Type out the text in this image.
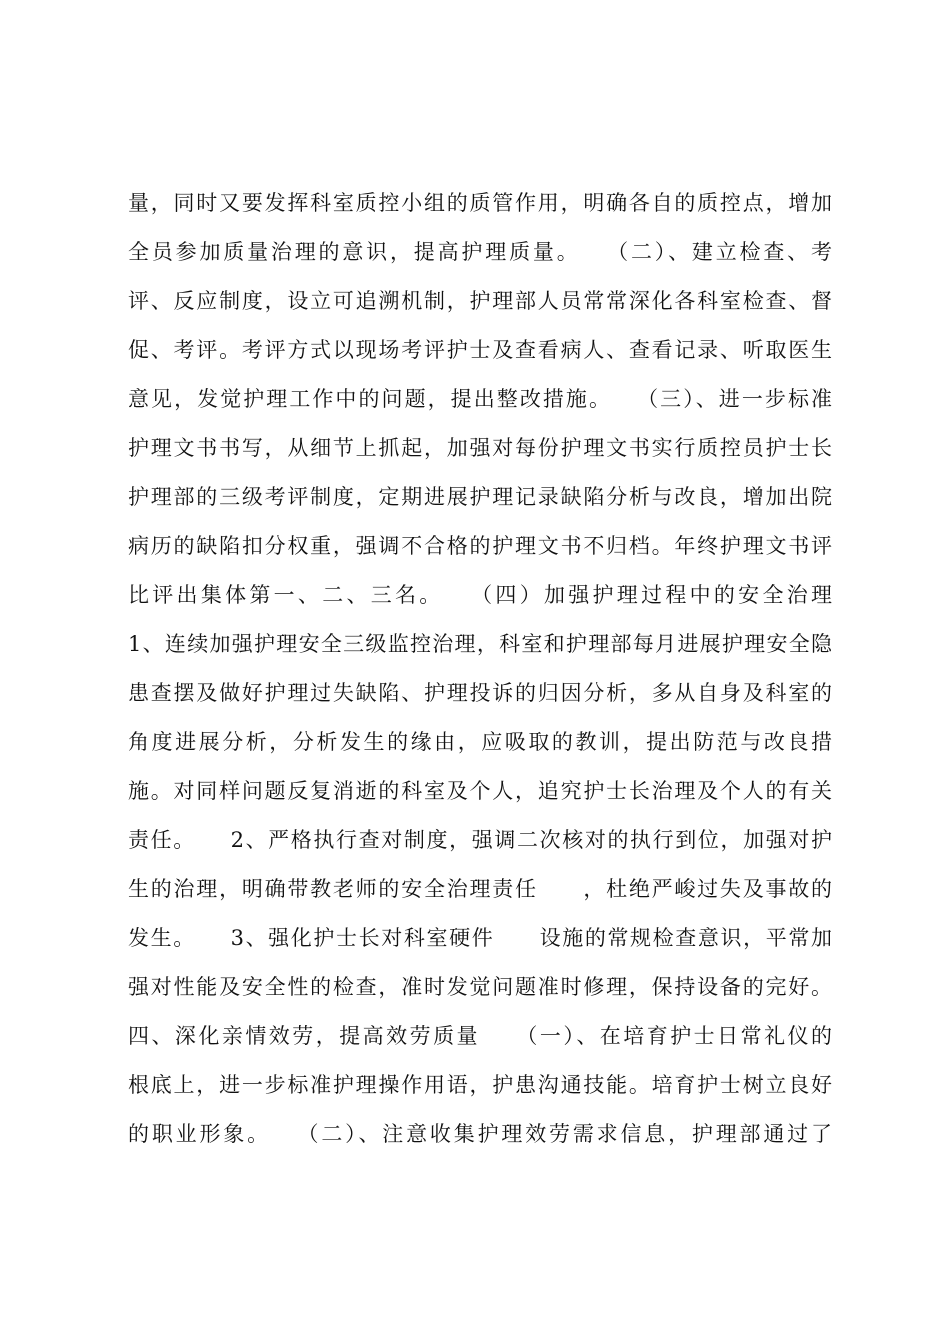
量，同时又要发挥科室质控小组的质管作用，明确各自的质控点，增加
全员参加质量治理的意识，提高护理质量。　　（二）、建立检查、考
评、反应制度，设立可追溯机制，护理部人员常常深化各科室检查、督
促、考评。考评方式以现场考评护士及查看病人、查看记录、听取医生
意见，发觉护理工作中的问题，提出整改措施。　　（三）、进一步标准
护理文书书写，从细节上抓起，加强对每份护理文书实行质控员护士长
护理部的三级考评制度，定期进展护理记录缺陷分析与改良，增加出院
病历的缺陷扣分权重，强调不合格的护理文书不归档。年终护理文书评
比评出集体第一、二、三名。　　（四）加强护理过程中的安全治理
1、连续加强护理安全三级监控治理，科室和护理部每月进展护理安全隐
患查摆及做好护理过失缺陷、护理投诉的归因分析，多从自身及科室的
角度进展分析，分析发生的缘由，应吸取的教训，提出防范与改良措
施。对同样问题反复消逝的科室及个人，追究护士长治理及个人的有关
责任。　　2、严格执行查对制度，强调二次核对的执行到位，加强对护
生的治理，明确带教老师的安全治理责任　　，杜绝严峻过失及事故的
发生。　　3、强化护士长对科室硬件　　设施的常规检查意识，平常加
强对性能及安全性的检查，准时发觉问题准时修理，保持设备的完好。
四、深化亲情效劳，提高效劳质量　　（一）、在培育护士日常礼仪的
根底上，进一步标准护理操作用语，护患沟通技能。培育护士树立良好
的职业形象。　　（二）、注意收集护理效劳需求信息，护理部通过了
